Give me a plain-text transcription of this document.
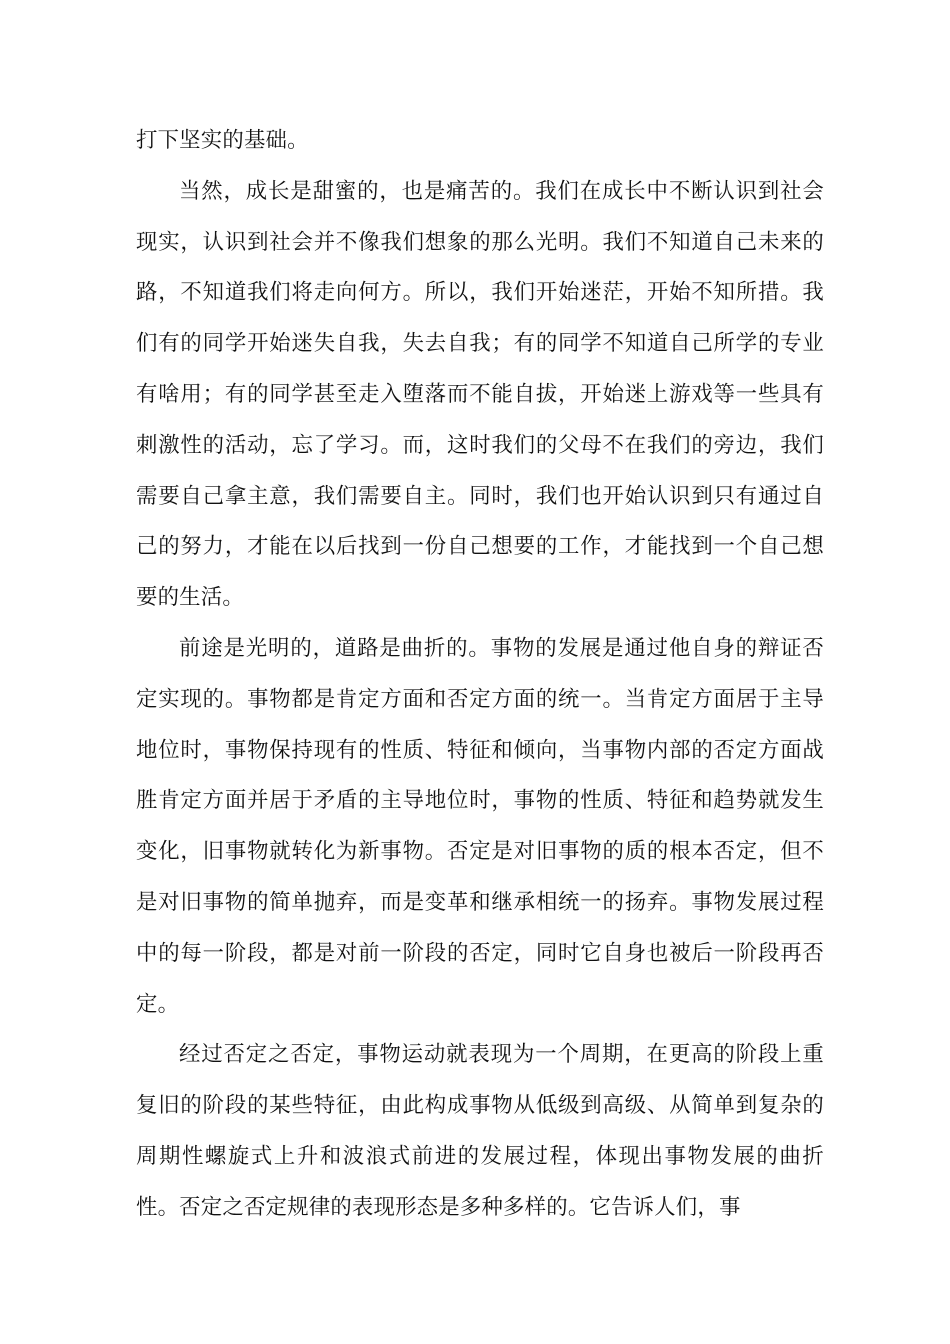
打下坚实的基础。

当然，成长是甜蜜的，也是痛苦的。我们在成长中不断认识到社会现实，认识到社会并不像我们想象的那么光明。我们不知道自己未来的路，不知道我们将走向何方。所以，我们开始迷茫，开始不知所措。我们有的同学开始迷失自我，失去自我；有的同学不知道自己所学的专业有啥用；有的同学甚至走入堕落而不能自拔，开始迷上游戏等一些具有刺激性的活动，忘了学习。而，这时我们的父母不在我们的旁边，我们需要自己拿主意，我们需要自主。同时，我们也开始认识到只有通过自己的努力，才能在以后找到一份自己想要的工作，才能找到一个自己想要的生活。

前途是光明的，道路是曲折的。事物的发展是通过他自身的辩证否定实现的。事物都是肯定方面和否定方面的统一。当肯定方面居于主导地位时，事物保持现有的性质、特征和倾向，当事物内部的否定方面战胜肯定方面并居于矛盾的主导地位时，事物的性质、特征和趋势就发生变化，旧事物就转化为新事物。否定是对旧事物的质的根本否定，但不是对旧事物的简单抛弃，而是变革和继承相统一的扬弃。事物发展过程中的每一阶段，都是对前一阶段的否定，同时它自身也被后一阶段再否定。

经过否定之否定，事物运动就表现为一个周期，在更高的阶段上重复旧的阶段的某些特征，由此构成事物从低级到高级、从简单到复杂的周期性螺旋式上升和波浪式前进的发展过程，体现出事物发展的曲折性。否定之否定规律的表现形态是多种多样的。它告诉人们，事
